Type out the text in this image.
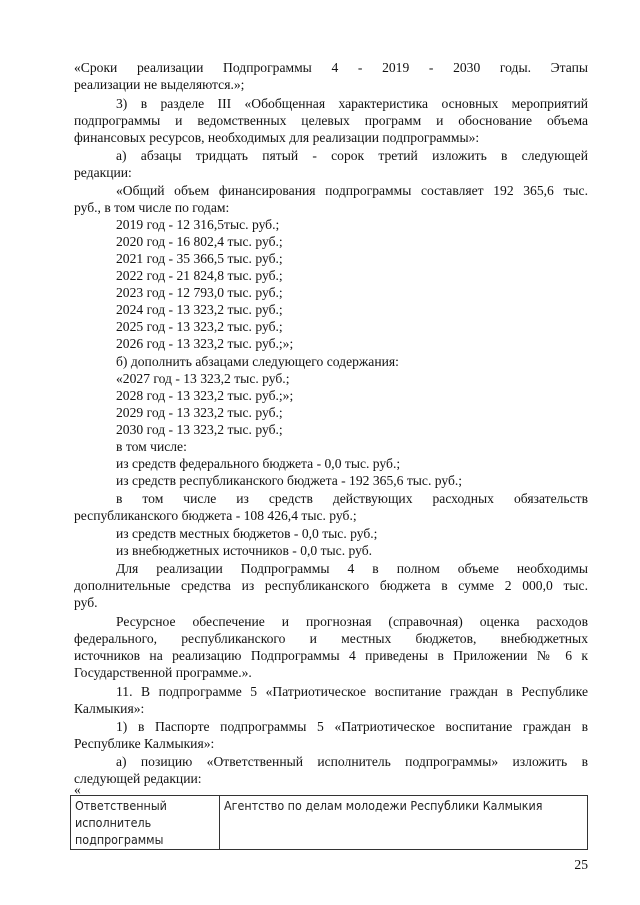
«Сроки реализации Подпрограммы 4 - 2019 - 2030 годы. Этапы

реализации не выделяются.»;

3) в разделе III «Обобщенная характеристика основных мероприятий

подпрограммы и ведомственных целевых программ и обоснование объема

финансовых ресурсов, необходимых для реализации подпрограммы»:

а) абзацы тридцать пятый - сорок третий изложить в следующей

редакции:

«Общий объем финансирования подпрограммы составляет 192 365,6 тыс.

руб., в том числе по годам:

2019 год - 12 316,5тыс. руб.;

2020 год - 16 802,4 тыс. руб.;

2021 год - 35 366,5 тыс. руб.;

2022 год - 21 824,8 тыс. руб.;

2023 год - 12 793,0 тыс. руб.;

2024 год - 13 323,2 тыс. руб.;

2025 год - 13 323,2 тыс. руб.;

2026 год - 13 323,2 тыс. руб.;»;

б) дополнить абзацами следующего содержания:

«2027 год - 13 323,2 тыс. руб.;

2028 год - 13 323,2 тыс. руб.;»;

2029 год - 13 323,2 тыс. руб.;

2030 год - 13 323,2 тыс. руб.;

в том числе:

из средств федерального бюджета - 0,0 тыс. руб.;

из средств республиканского бюджета - 192 365,6 тыс. руб.;

в том числе из средств действующих расходных обязательств

республиканского бюджета - 108 426,4 тыс. руб.;

из средств местных бюджетов - 0,0 тыс. руб.;

из внебюджетных источников - 0,0 тыс. руб.

Для реализации Подпрограммы 4 в полном объеме необходимы

дополнительные средства из республиканского бюджета в сумме 2 000,0 тыс.

руб.

Ресурсное обеспечение и прогнозная (справочная) оценка расходов

федерального, республиканского и местных бюджетов, внебюджетных

источников на реализацию Подпрограммы 4 приведены в Приложении № 6 к

Государственной программе.».

11. В подпрограмме 5 «Патриотическое воспитание граждан в Республике

Калмыкия»:

1) в Паспорте подпрограммы 5 «Патриотическое воспитание граждан в

Республике Калмыкия»:

а) позицию «Ответственный исполнитель подпрограммы» изложить в

следующей редакции:

«

Ответственный
исполнитель
подпрограммы
	Агентство по делам молодежи Республики Калмыкия
25
